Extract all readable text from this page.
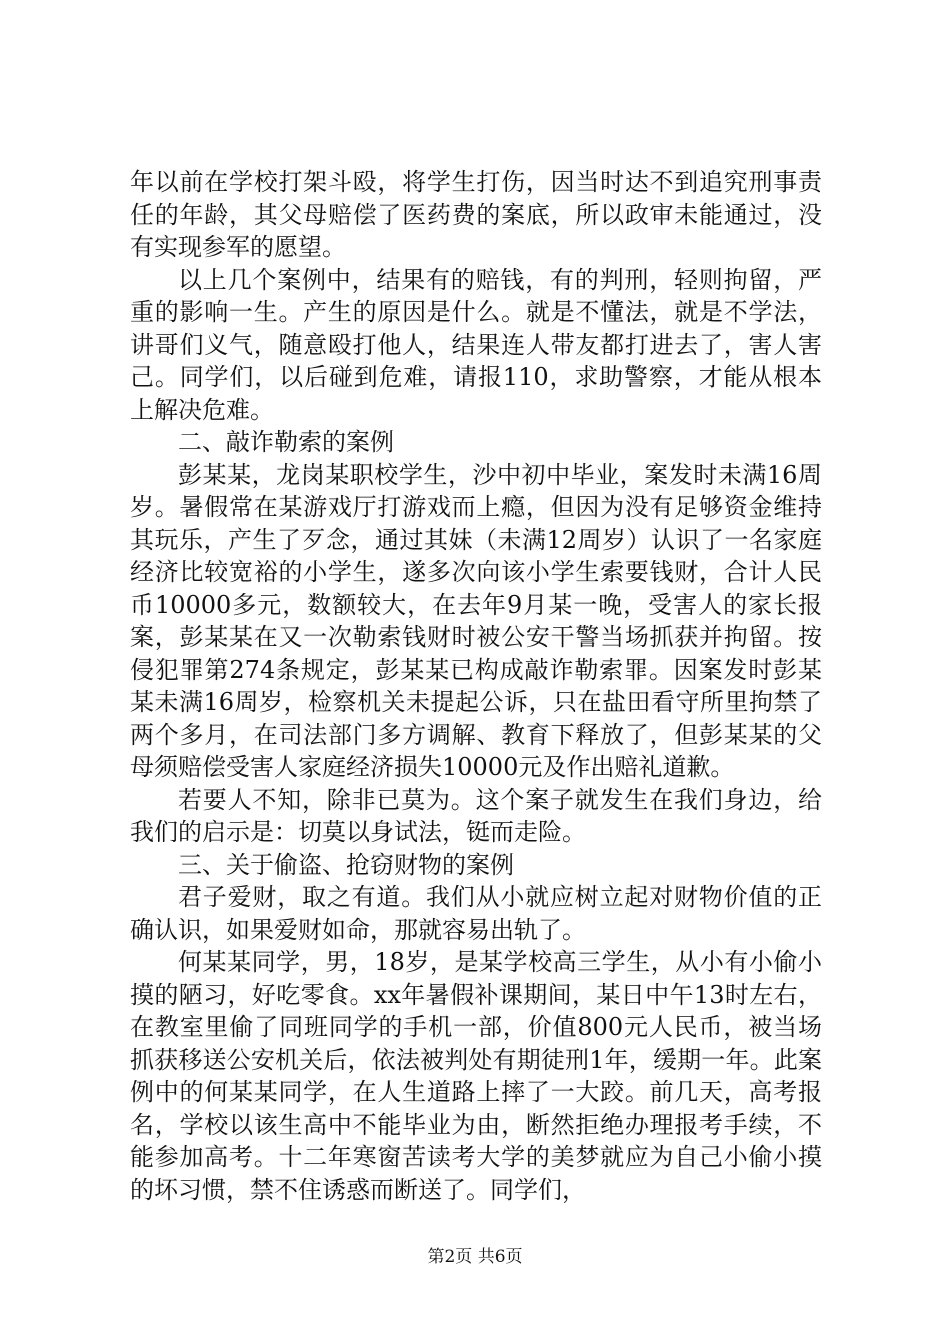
年以前在学校打架斗殴，将学生打伤，因当时达不到追究刑事责任的年龄，其父母赔偿了医药费的案底，所以政审未能通过，没有实现参军的愿望。

以上几个案例中，结果有的赔钱，有的判刑，轻则拘留，严重的影响一生。产生的原因是什么。就是不懂法，就是不学法，讲哥们义气，随意殴打他人，结果连人带友都打进去了，害人害己。同学们，以后碰到危难，请报110，求助警察，才能从根本上解决危难。

二、敲诈勒索的案例

彭某某，龙岗某职校学生，沙中初中毕业，案发时未满16周岁。暑假常在某游戏厅打游戏而上瘾，但因为没有足够资金维持其玩乐，产生了歹念，通过其妹（未满12周岁）认识了一名家庭经济比较宽裕的小学生，遂多次向该小学生索要钱财，合计人民币10000多元，数额较大，在去年9月某一晚，受害人的家长报案，彭某某在又一次勒索钱财时被公安干警当场抓获并拘留。按侵犯罪第274条规定，彭某某已构成敲诈勒索罪。因案发时彭某某未满16周岁，检察机关未提起公诉，只在盐田看守所里拘禁了两个多月，在司法部门多方调解、教育下释放了，但彭某某的父母须赔偿受害人家庭经济损失10000元及作出赔礼道歉。

若要人不知，除非已莫为。这个案子就发生在我们身边，给我们的启示是：切莫以身试法，铤而走险。

三、关于偷盗、抢窃财物的案例

君子爱财，取之有道。我们从小就应树立起对财物价值的正确认识，如果爱财如命，那就容易出轨了。

何某某同学，男，18岁，是某学校高三学生，从小有小偷小摸的陋习，好吃零食。xx年暑假补课期间，某日中午13时左右，在教室里偷了同班同学的手机一部，价值800元人民币，被当场抓获移送公安机关后，依法被判处有期徒刑1年，缓期一年。此案例中的何某某同学，在人生道路上摔了一大跤。前几天，高考报名，学校以该生高中不能毕业为由，断然拒绝办理报考手续，不能参加高考。十二年寒窗苦读考大学的美梦就应为自己小偷小摸的坏习惯，禁不住诱惑而断送了。同学们，

第2页 共6页
